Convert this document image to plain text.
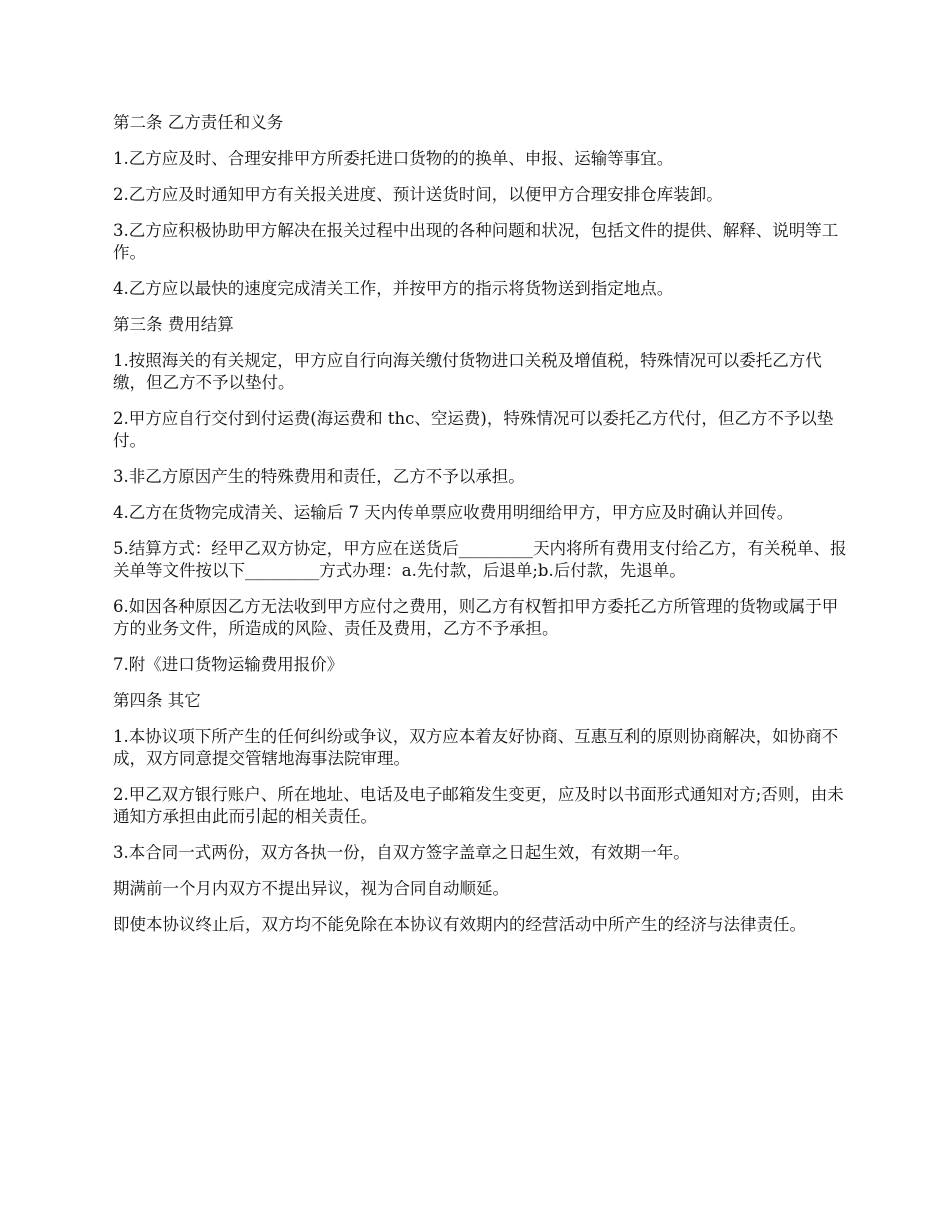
第二条 乙方责任和义务

1.乙方应及时、合理安排甲方所委托进口货物的的换单、申报、运输等事宜。

2.乙方应及时通知甲方有关报关进度、预计送货时间，以便甲方合理安排仓库装卸。

3.乙方应积极协助甲方解决在报关过程中出现的各种问题和状况，包括文件的提供、解释、说明等工作。

4.乙方应以最快的速度完成清关工作，并按甲方的指示将货物送到指定地点。

第三条 费用结算

1.按照海关的有关规定，甲方应自行向海关缴付货物进口关税及增值税，特殊情况可以委托乙方代缴，但乙方不予以垫付。

2.甲方应自行交付到付运费(海运费和 thc、空运费)，特殊情况可以委托乙方代付，但乙方不予以垫付。

3.非乙方原因产生的特殊费用和责任，乙方不予以承担。

4.乙方在货物完成清关、运输后 7 天内传单票应收费用明细给甲方，甲方应及时确认并回传。

5.结算方式：经甲乙双方协定，甲方应在送货后_________天内将所有费用支付给乙方，有关税单、报关单等文件按以下_________方式办理：a.先付款，后退单;b.后付款，先退单。

6.如因各种原因乙方无法收到甲方应付之费用，则乙方有权暂扣甲方委托乙方所管理的货物或属于甲方的业务文件，所造成的风险、责任及费用，乙方不予承担。

7.附《进口货物运输费用报价》

第四条 其它

1.本协议项下所产生的任何纠纷或争议，双方应本着友好协商、互惠互利的原则协商解决，如协商不成，双方同意提交管辖地海事法院审理。

2.甲乙双方银行账户、所在地址、电话及电子邮箱发生变更，应及时以书面形式通知对方;否则，由未通知方承担由此而引起的相关责任。

3.本合同一式两份，双方各执一份，自双方签字盖章之日起生效，有效期一年。

期满前一个月内双方不提出异议，视为合同自动顺延。

即使本协议终止后，双方均不能免除在本协议有效期内的经营活动中所产生的经济与法律责任。
